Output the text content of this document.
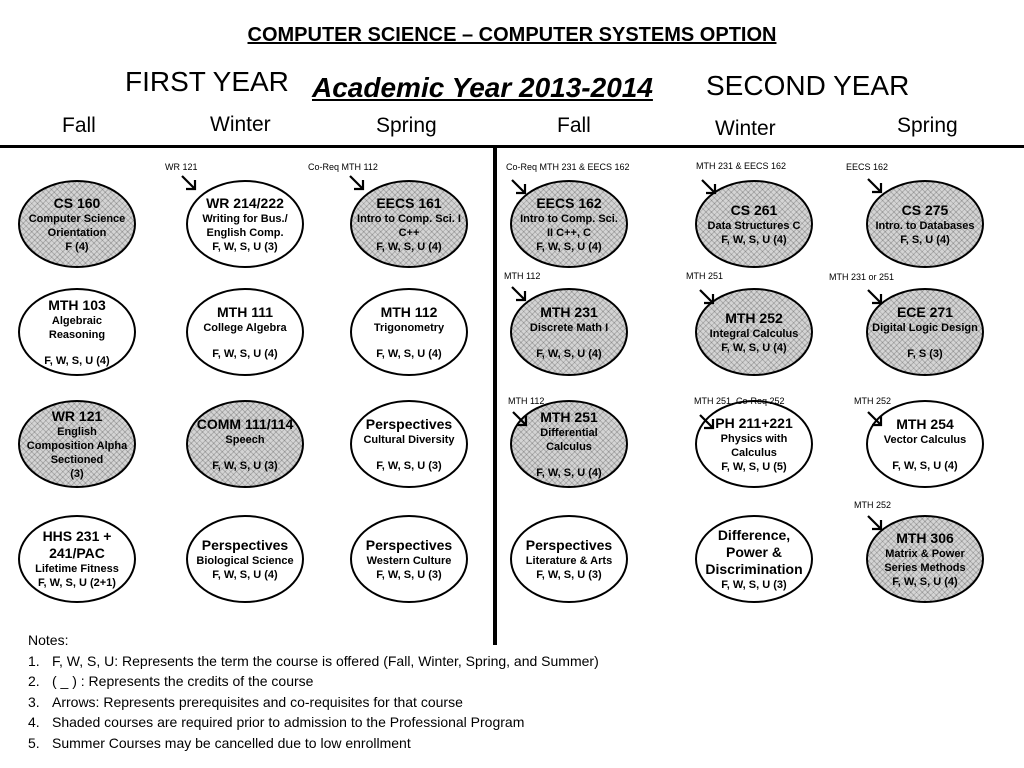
COMPUTER SCIENCE – COMPUTER SYSTEMS OPTION
FIRST YEAR Academic Year 2013-2014 SECOND YEAR
Fall	Winter	Spring	Fall	Winter	Spring
CS 160
Computer Science Orientation
F (4)
WR 214/222
Writing for Bus./ English Comp.
F, W, S, U (3)
WR 121
EECS 161
Intro to Comp. Sci. I C++
F, W, S, U (4)
Co-Req MTH 112
EECS 162
Intro to Comp. Sci. II C++, C
F, W, S, U (4)
Co-Req MTH 231 & EECS 162
CS 261
Data Structures C
F, W, S, U (4)
MTH 231 & EECS 162
CS 275
Intro. to Databases
F, S, U (4)
EECS 162
MTH 103
Algebraic Reasoning
F, W, S, U (4)
MTH 111
College Algebra
F, W, S, U (4)
MTH 112
Trigonometry
F, W, S, U (4)
MTH 231
Discrete Math I
F, W, S, U (4)
MTH 112
MTH 252
Integral Calculus
F, W, S, U (4)
MTH 251
ECE 271
Digital Logic Design
F, S (3)
MTH 231 or 251
WR 121
English Composition Alpha Sectioned
(3)
COMM 111/114
Speech
F, W, S, U (3)
Perspectives
Cultural Diversity
F, W, S, U (3)
MTH 251
Differential Calculus
F, W, S, U (4)
MTH 112
PH 211+221
Physics with Calculus
F, W, S, U (5)
MTH 251, Co-Req 252
MTH 254
Vector Calculus
F, W, S, U (4)
MTH 252
HHS 231 + 241/PAC
Lifetime Fitness
F, W, S, U (2+1)
Perspectives
Biological Science
F, W, S, U (4)
Perspectives
Western Culture
F, W, S, U (3)
Perspectives
Literature & Arts
F, W, S, U (3)
Difference, Power & Discrimination
F, W, S, U (3)
MTH 306
Matrix & Power Series Methods
F, W, S, U (4)
MTH 252
Notes:
1. F, W, S, U: Represents the term the course is offered (Fall, Winter, Spring, and Summer)
2. ( _ ) : Represents the credits of the course
3. Arrows: Represents prerequisites and co-requisites for that course
4. Shaded courses are required prior to admission to the Professional Program
5. Summer Courses may be cancelled due to low enrollment
